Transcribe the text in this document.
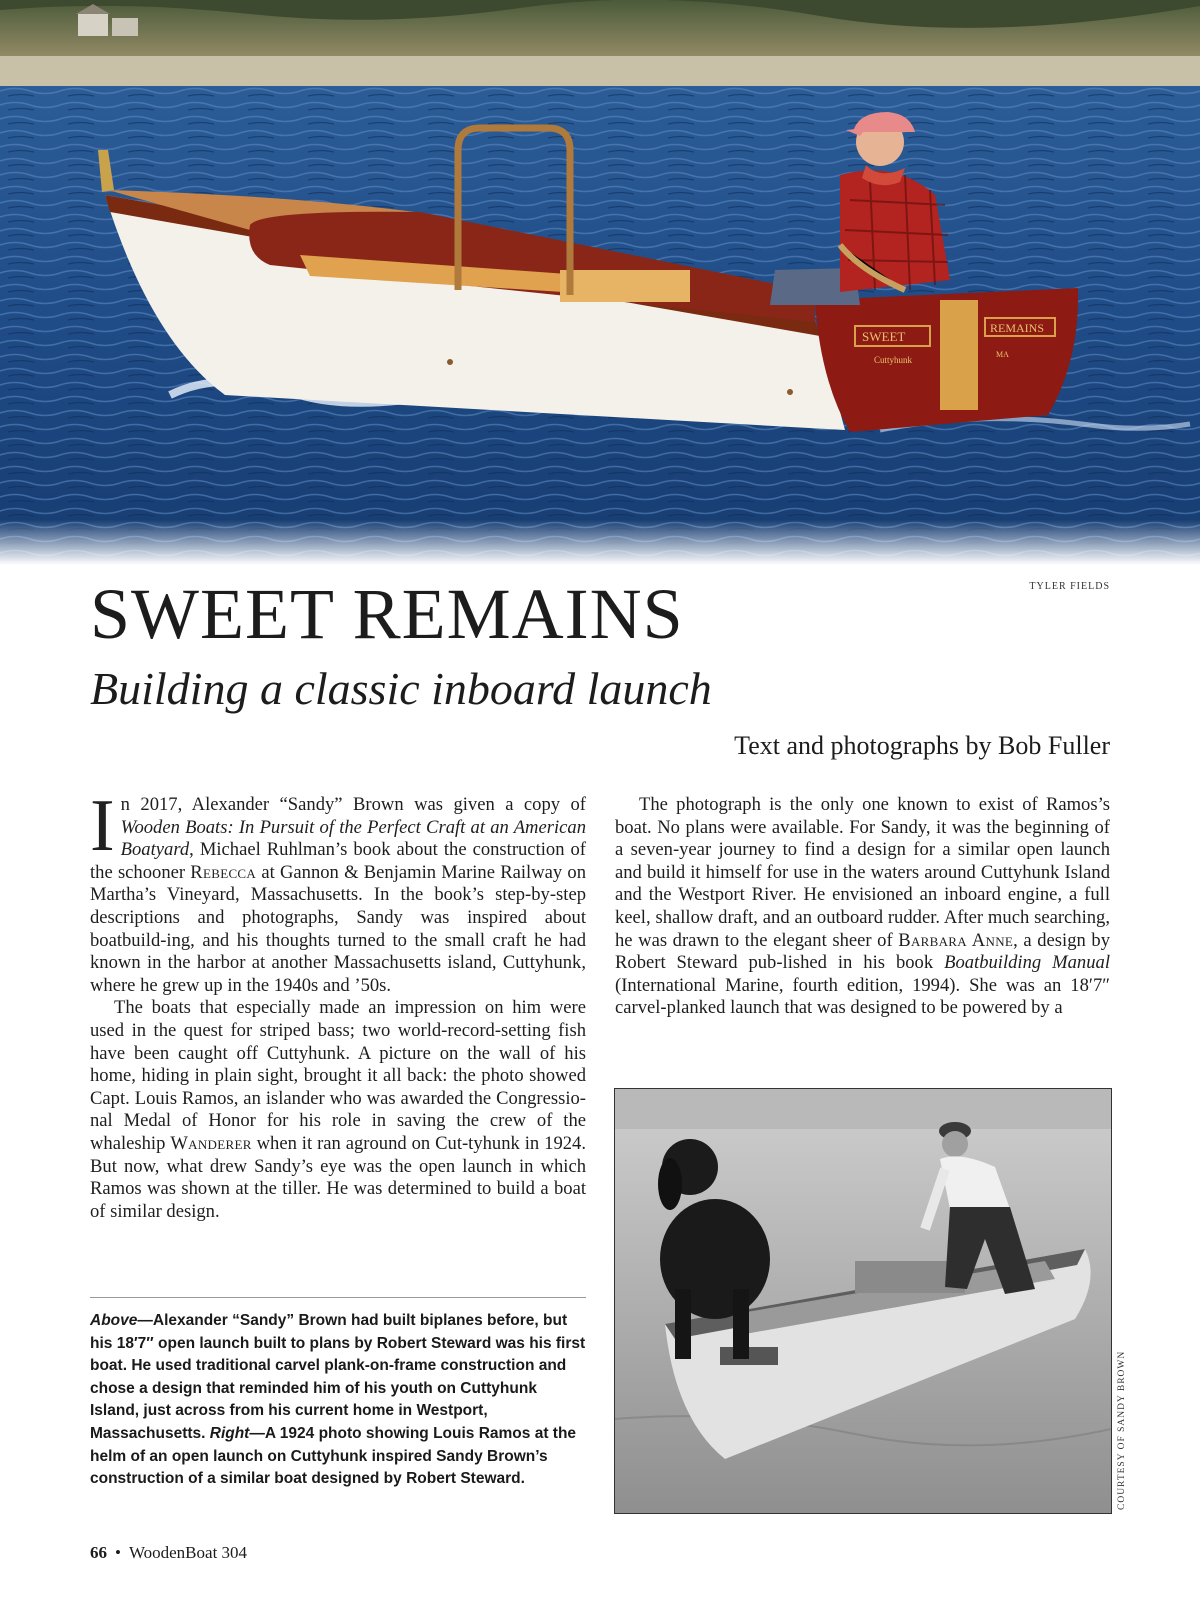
SWEET
REMAINS
Cuttyhunk
MA
TYLER FIELDS
SWEET REMAINS
Building a classic inboard launch
Text and photographs by Bob Fuller

In 2017, Alexander “Sandy” Brown was given a copy of Wooden Boats: In Pursuit of the Perfect Craft at an American Boatyard, Michael Ruhlman’s book about the construction of the schooner Rebecca at Gannon & Benjamin Marine Railway on Martha’s Vineyard, Massachusetts. In the book’s step-by-step descriptions and photographs, Sandy was inspired about boatbuild-ing, and his thoughts turned to the small craft he had known in the harbor at another Massachusetts island, Cuttyhunk, where he grew up in the 1940s and ’50s.

The boats that especially made an impression on him were used in the quest for striped bass; two world-record-setting fish have been caught off Cuttyhunk. A picture on the wall of his home, hiding in plain sight, brought it all back: the photo showed Capt. Louis Ramos, an islander who was awarded the Congressio-nal Medal of Honor for his role in saving the crew of the whaleship Wanderer when it ran aground on Cut-tyhunk in 1924. But now, what drew Sandy’s eye was the open launch in which Ramos was shown at the tiller. He was determined to build a boat of similar design.

Above—Alexander “Sandy” Brown had built biplanes before, but his 18′7″ open launch built to plans by Robert Steward was his first boat. He used traditional carvel plank-on-frame construction and chose a design that reminded him of his youth on Cuttyhunk Island, just across from his current home in Westport, Massachusetts. Right—A 1924 photo showing Louis Ramos at the helm of an open launch on Cuttyhunk inspired Sandy Brown’s construction of a similar boat designed by Robert Steward.

The photograph is the only one known to exist of Ramos’s boat. No plans were available. For Sandy, it was the beginning of a seven-year journey to find a design for a similar open launch and build it himself for use in the waters around Cuttyhunk Island and the Westport River. He envisioned an inboard engine, a full keel, shallow draft, and an outboard rudder. After much searching, he was drawn to the elegant sheer of Barbara Anne, a design by Robert Steward pub-lished in his book Boatbuilding Manual (International Marine, fourth edition, 1994). She was an 18′7″ carvel-planked launch that was designed to be powered by a

COURTESY OF SANDY BROWN
66 • WoodenBoat 304
